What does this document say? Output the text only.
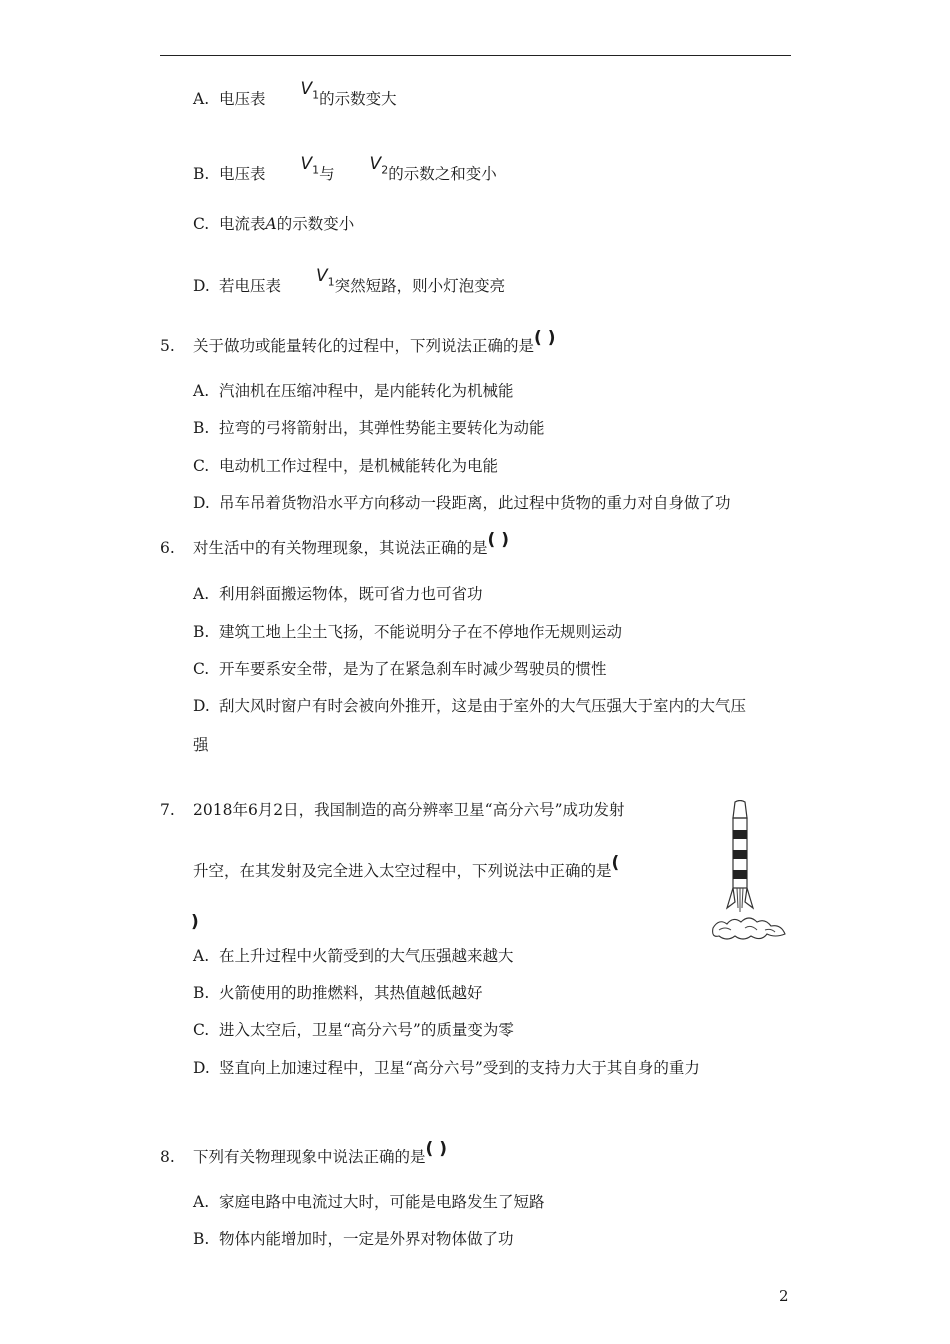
A. 电压表 $V_1$的示数变大
B. 电压表 $V_1$与 $V_2$的示数之和变小
C. 电流表A的示数变小
D. 若电压表 $V_1$突然短路，则小灯泡变亮
5. 关于做功或能量转化的过程中，下列说法正确的是( )
A. 汽油机在压缩冲程中，是内能转化为机械能
B. 拉弯的弓将箭射出，其弹性势能主要转化为动能
C. 电动机工作过程中，是机械能转化为电能
D. 吊车吊着货物沿水平方向移动一段距离，此过程中货物的重力对自身做了功
6. 对生活中的有关物理现象，其说法正确的是( )
A. 利用斜面搬运物体，既可省力也可省功
B. 建筑工地上尘土飞扬，不能说明分子在不停地作无规则运动
C. 开车要系安全带，是为了在紧急刹车时减少驾驶员的惯性
D. 刮大风时窗户有时会被向外推开，这是由于室外的大气压强大于室内的大气压
强
7. 2018年6月2日，我国制造的高分辨率卫星“高分六号”成功发射
升空，在其发射及完全进入太空过程中，下列说法中正确的是(
)
A. 在上升过程中火箭受到的大气压强越来越大
B. 火箭使用的助推燃料，其热值越低越好
C. 进入太空后，卫星“高分六号”的质量变为零
D. 竖直向上加速过程中，卫星“高分六号”受到的支持力大于其自身的重力
8. 下列有关物理现象中说法正确的是( )
A. 家庭电路中电流过大时，可能是电路发生了短路
B. 物体内能增加时，一定是外界对物体做了功
2
